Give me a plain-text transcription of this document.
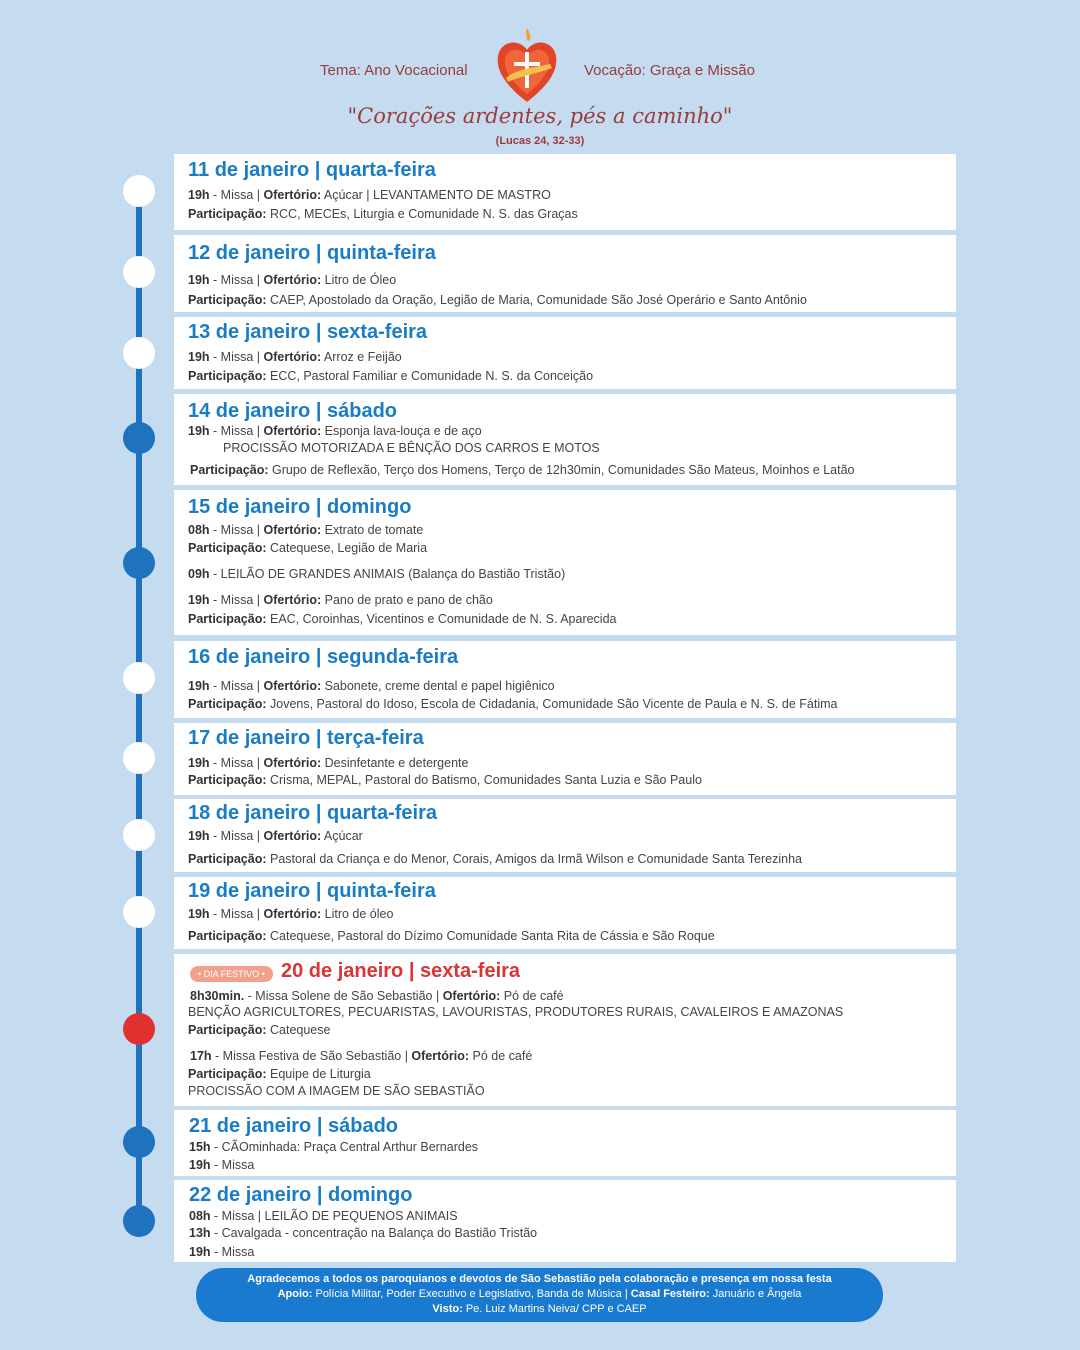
Tema: Ano Vocacional	Vocação: Graça e Missão
"Corações ardentes, pés a caminho"
(Lucas 24, 32-33)
11 de janeiro | quarta-feira
19h - Missa | Ofertório: Açúcar | LEVANTAMENTO DE MASTRO
Participação: RCC, MECEs, Liturgia e Comunidade N. S. das Graças
12 de janeiro | quinta-feira
19h - Missa | Ofertório: Litro de Óleo
Participação: CAEP, Apostolado da Oração, Legião de Maria, Comunidade São José Operário e Santo Antônio
13 de janeiro | sexta-feira
19h - Missa | Ofertório: Arroz e Feijão
Participação: ECC, Pastoral Familiar e Comunidade N. S. da Conceição
14 de janeiro | sábado
19h - Missa | Ofertório: Esponja lava-louça e de aço
PROCISSÃO MOTORIZADA E BÊNÇÃO DOS CARROS E MOTOS
Participação: Grupo de Reflexão, Terço dos Homens, Terço de 12h30min, Comunidades São Mateus, Moinhos e Latão
15 de janeiro | domingo
08h - Missa | Ofertório: Extrato de tomate
Participação: Catequese, Legião de Maria
09h - LEILÃO DE GRANDES ANIMAIS (Balança do Bastião Tristão)
19h - Missa | Ofertório: Pano de prato e pano de chão
Participação: EAC, Coroinhas, Vicentinos e Comunidade de N. S. Aparecida
16 de janeiro | segunda-feira
19h - Missa | Ofertório: Sabonete, creme dental e papel higiênico
Participação: Jovens, Pastoral do Idoso, Escola de Cidadania, Comunidade São Vicente de Paula e N. S. de Fátima
17 de janeiro | terça-feira
19h - Missa | Ofertório: Desinfetante e detergente
Participação: Crisma, MEPAL, Pastoral do Batismo, Comunidades Santa Luzia e São Paulo
18 de janeiro | quarta-feira
19h - Missa | Ofertório: Açúcar
Participação: Pastoral da Criança e do Menor, Corais, Amigos da Irmã Wilson e Comunidade Santa Terezinha
19 de janeiro | quinta-feira
19h - Missa | Ofertório: Litro de óleo
Participação: Catequese, Pastoral do Dízimo Comunidade Santa Rita de Cássia e São Roque
• DIA FESTIVO • 20 de janeiro | sexta-feira
8h30min. - Missa Solene de São Sebastião | Ofertório: Pó de café
BENÇÃO AGRICULTORES, PECUARISTAS, LAVOURISTAS, PRODUTORES RURAIS, CAVALEIROS E AMAZONAS
Participação: Catequese
17h - Missa Festiva de São Sebastião | Ofertório: Pó de café
Participação: Equipe de Liturgia
PROCISSÃO COM A IMAGEM DE SÃO SEBASTIÃO
21 de janeiro | sábado
15h - CÃOminhada: Praça Central Arthur Bernardes
19h - Missa
22 de janeiro | domingo
08h - Missa | LEILÃO DE PEQUENOS ANIMAIS
13h - Cavalgada - concentração na Balança do Bastião Tristão
19h - Missa
Agradecemos a todos os paroquianos e devotos de São Sebastião pela colaboração e presença em nossa festa
Apoio: Polícia Militar, Poder Executivo e Legislativo, Banda de Música | Casal Festeiro: Januário e Ângela
Visto: Pe. Luiz Martins Neiva/ CPP e CAEP
